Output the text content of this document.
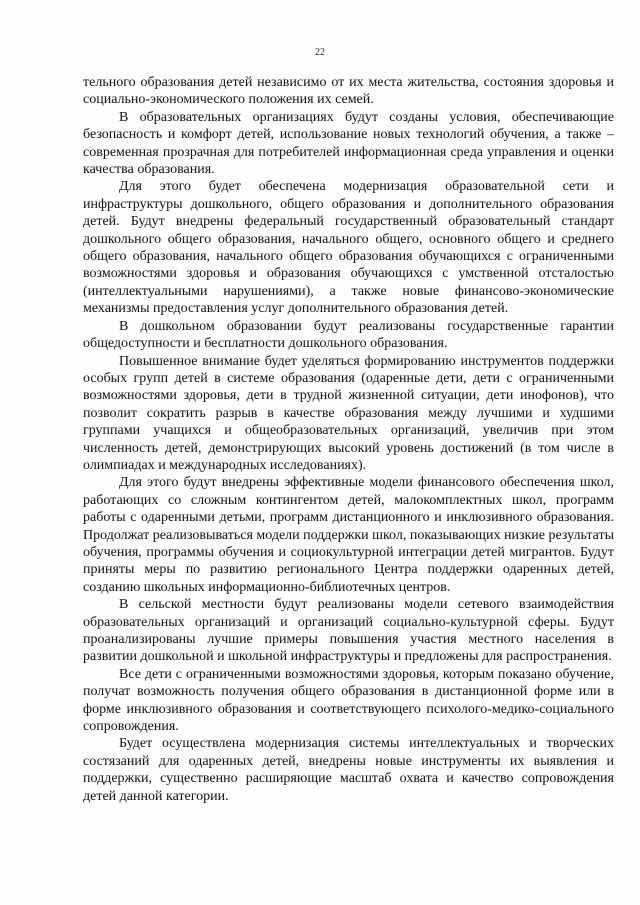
22

тельного образования детей независимо от их места жительства, состояния здоровья и социально-экономического положения их семей.

В образовательных организациях будут созданы условия, обеспечивающие безопасность и комфорт детей, использование новых технологий обучения, а также – современная прозрачная для потребителей информационная среда управления и оценки качества образования.

Для этого будет обеспечена модернизация образовательной сети и инфраструктуры дошкольного, общего образования и дополнительного образования детей. Будут внедрены федеральный государственный образовательный стандарт дошкольного общего образования, начального общего, основного общего и среднего общего образования, начального общего образования обучающихся с ограниченными возможностями здоровья и образования обучающихся с умственной отсталостью (интеллектуальными нарушениями), а также новые финансово-экономические механизмы предоставления услуг дополнительного образования детей.

В дошкольном образовании будут реализованы государственные гарантии общедоступности и бесплатности дошкольного образования.

Повышенное внимание будет уделяться формированию инструментов поддержки особых групп детей в системе образования (одаренные дети, дети с ограниченными возможностями здоровья, дети в трудной жизненной ситуации, дети инофонов), что позволит сократить разрыв в качестве образования между лучшими и худшими группами учащихся и общеобразовательных организаций, увеличив при этом численность детей, демонстрирующих высокий уровень достижений (в том числе в олимпиадах и международных исследованиях).

Для этого будут внедрены эффективные модели финансового обеспечения школ, работающих со сложным контингентом детей, малокомплектных школ, программ работы с одаренными детьми, программ дистанционного и инклюзивного образования. Продолжат реализовываться модели поддержки школ, показывающих низкие результаты обучения, программы обучения и социокультурной интеграции детей мигрантов. Будут приняты меры по развитию регионального Центра поддержки одаренных детей, созданию школьных информационно-библиотечных центров.

В сельской местности будут реализованы модели сетевого взаимодействия образовательных организаций и организаций социально-культурной сферы. Будут проанализированы лучшие примеры повышения участия местного населения в развитии дошкольной и школьной инфраструктуры и предложены для распространения.

Все дети с ограниченными возможностями здоровья, которым показано обучение, получат возможность получения общего образования в дистанционной форме или в форме инклюзивного образования и соответствующего психолого-медико-социального сопровождения.

Будет осуществлена модернизация системы интеллектуальных и творческих состязаний для одаренных детей, внедрены новые инструменты их выявления и поддержки, существенно расширяющие масштаб охвата и качество сопровождения детей данной категории.
